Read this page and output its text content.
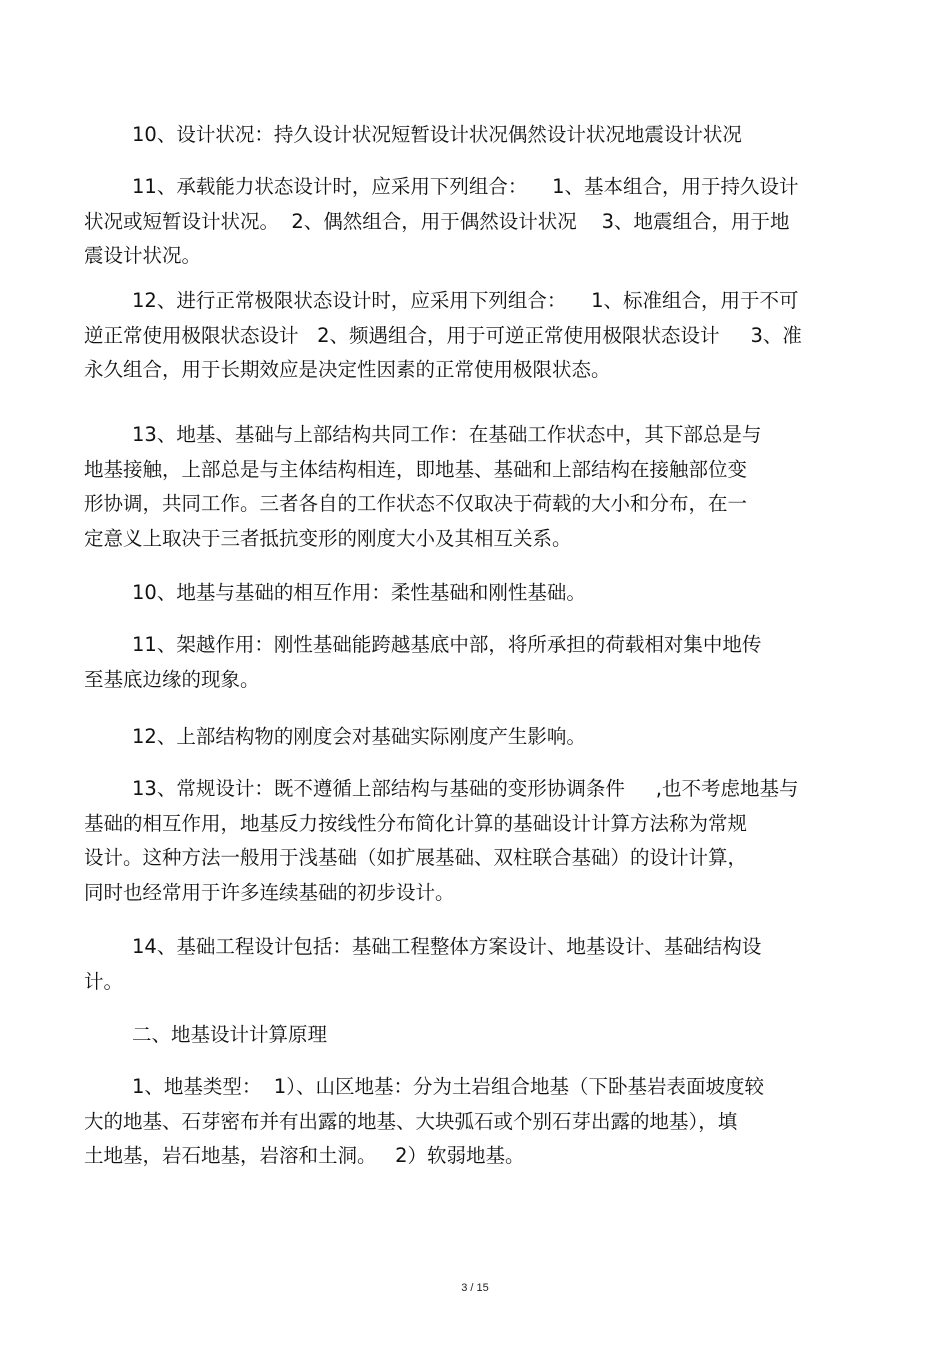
10、设计状况：持久设计状况短暂设计状况偶然设计状况地震设计状况
11、承载能力状态设计时，应采用下列组合：    1、基本组合，用于持久设计
状况或短暂设计状况。  2、偶然组合，用于偶然设计状况    3、地震组合，用于地
震设计状况。
12、进行正常极限状态设计时，应采用下列组合：    1、标准组合，用于不可
逆正常使用极限状态设计   2、频遇组合，用于可逆正常使用极限状态设计     3、准
永久组合，用于长期效应是决定性因素的正常使用极限状态。
13、地基、基础与上部结构共同工作：在基础工作状态中，其下部总是与
地基接触，上部总是与主体结构相连，即地基、基础和上部结构在接触部位变
形协调，共同工作。三者各自的工作状态不仅取决于荷载的大小和分布，在一
定意义上取决于三者抵抗变形的刚度大小及其相互关系。
10、地基与基础的相互作用：柔性基础和刚性基础。
11、架越作用：刚性基础能跨越基底中部，将所承担的荷载相对集中地传
至基底边缘的现象。
12、上部结构物的刚度会对基础实际刚度产生影响。
13、常规设计：既不遵循上部结构与基础的变形协调条件     ,也不考虑地基与
基础的相互作用，地基反力按线性分布简化计算的基础设计计算方法称为常规
设计。这种方法一般用于浅基础（如扩展基础、双柱联合基础）的设计计算，
同时也经常用于许多连续基础的初步设计。
14、基础工程设计包括：基础工程整体方案设计、地基设计、基础结构设
计。
二、地基设计计算原理
1、地基类型：  1）、山区地基：分为土岩组合地基（下卧基岩表面坡度较
大的地基、石芽密布并有出露的地基、大块弧石或个别石芽出露的地基），填
土地基，岩石地基，岩溶和土洞。   2）软弱地基。
3 / 15
